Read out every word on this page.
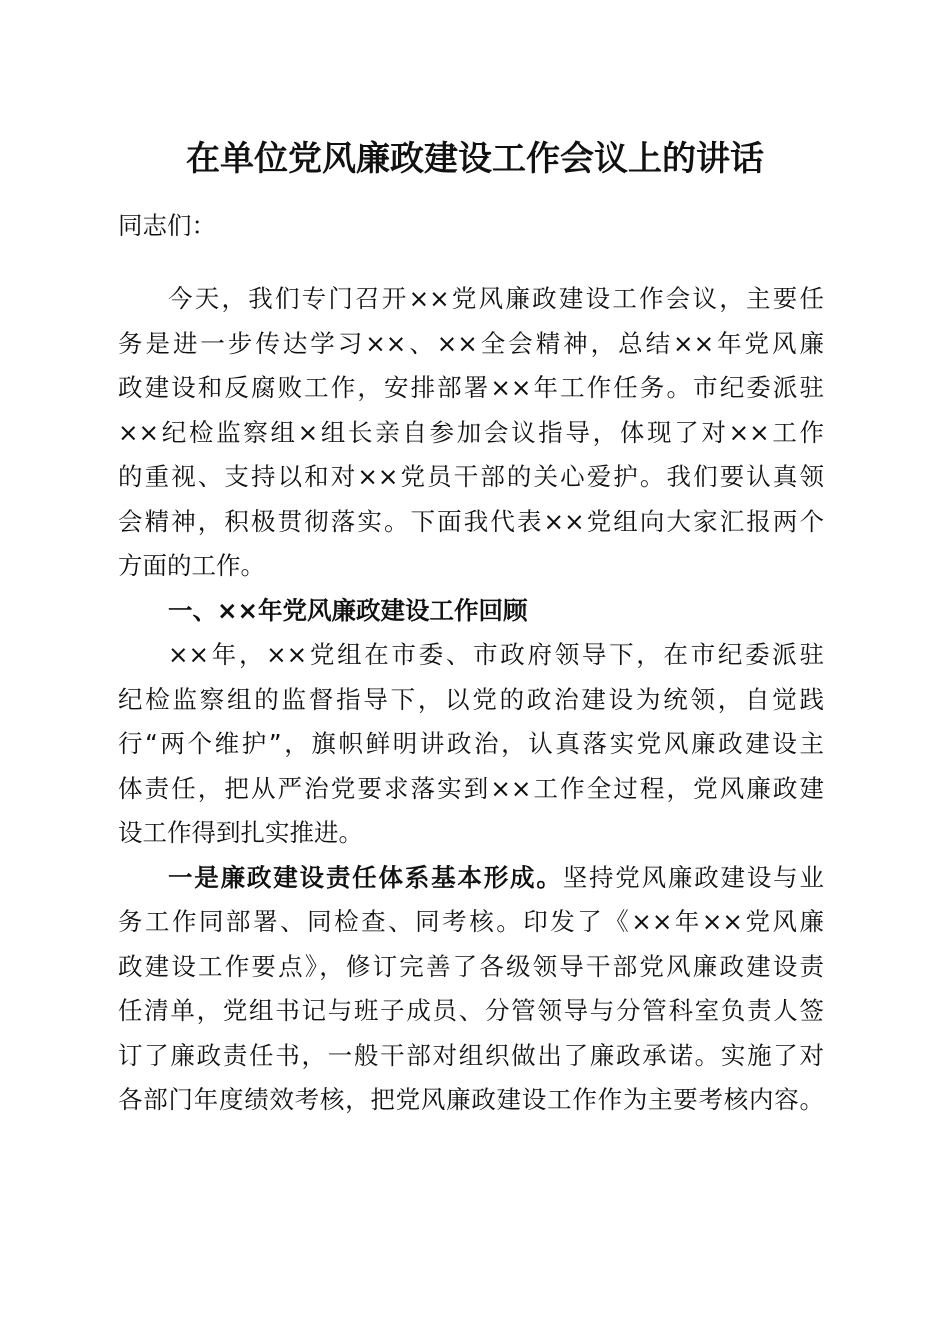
在单位党风廉政建设工作会议上的讲话

同志们：

今天，我们专门召开××党风廉政建设工作会议，主要任

务是进一步传达学习××、××全会精神，总结××年党风廉

政建设和反腐败工作，安排部署××年工作任务。市纪委派驻

××纪检监察组×组长亲自参加会议指导，体现了对××工作

的重视、支持以和对××党员干部的关心爱护。我们要认真领

会精神，积极贯彻落实。下面我代表××党组向大家汇报两个

方面的工作。

一、××年党风廉政建设工作回顾

××年，××党组在市委、市政府领导下，在市纪委派驻

纪检监察组的监督指导下，以党的政治建设为统领，自觉践

行“两个维护”，旗帜鲜明讲政治，认真落实党风廉政建设主

体责任，把从严治党要求落实到××工作全过程，党风廉政建

设工作得到扎实推进。

一是廉政建设责任体系基本形成。坚持党风廉政建设与业

务工作同部署、同检查、同考核。印发了《××年××党风廉

政建设工作要点》，修订完善了各级领导干部党风廉政建设责

任清单，党组书记与班子成员、分管领导与分管科室负责人签

订了廉政责任书，一般干部对组织做出了廉政承诺。实施了对

各部门年度绩效考核，把党风廉政建设工作作为主要考核内容。
